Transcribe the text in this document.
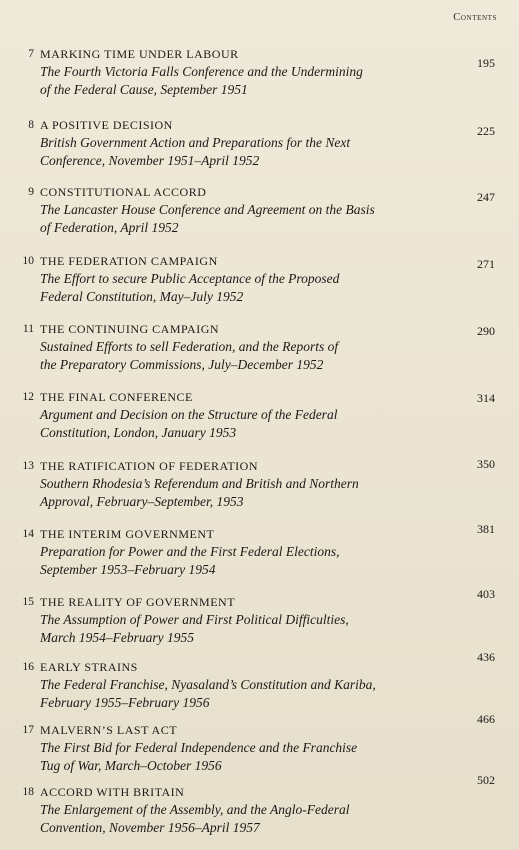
Contents
7 MARKING TIME UNDER LABOUR
The Fourth Victoria Falls Conference and the Undermining
of the Federal Cause, September 1951
195
8 A POSITIVE DECISION
British Government Action and Preparations for the Next
Conference, November 1951–April 1952
225
9 CONSTITUTIONAL ACCORD
The Lancaster House Conference and Agreement on the Basis
of Federation, April 1952
247
10 THE FEDERATION CAMPAIGN
The Effort to secure Public Acceptance of the Proposed
Federal Constitution, May–July 1952
271
11 THE CONTINUING CAMPAIGN
Sustained Efforts to sell Federation, and the Reports of
the Preparatory Commissions, July–December 1952
290
12 THE FINAL CONFERENCE
Argument and Decision on the Structure of the Federal
Constitution, London, January 1953
314
13 THE RATIFICATION OF FEDERATION
Southern Rhodesia’s Referendum and British and Northern
Approval, February–September, 1953
350
14 THE INTERIM GOVERNMENT
Preparation for Power and the First Federal Elections,
September 1953–February 1954
381
15 THE REALITY OF GOVERNMENT
The Assumption of Power and First Political Difficulties,
March 1954–February 1955
403
16 EARLY STRAINS
The Federal Franchise, Nyasaland’s Constitution and Kariba,
February 1955–February 1956
436
17 MALVERN’S LAST ACT
The First Bid for Federal Independence and the Franchise
Tug of War, March–October 1956
466
18 ACCORD WITH BRITAIN
The Enlargement of the Assembly, and the Anglo-Federal
Convention, November 1956–April 1957
502
